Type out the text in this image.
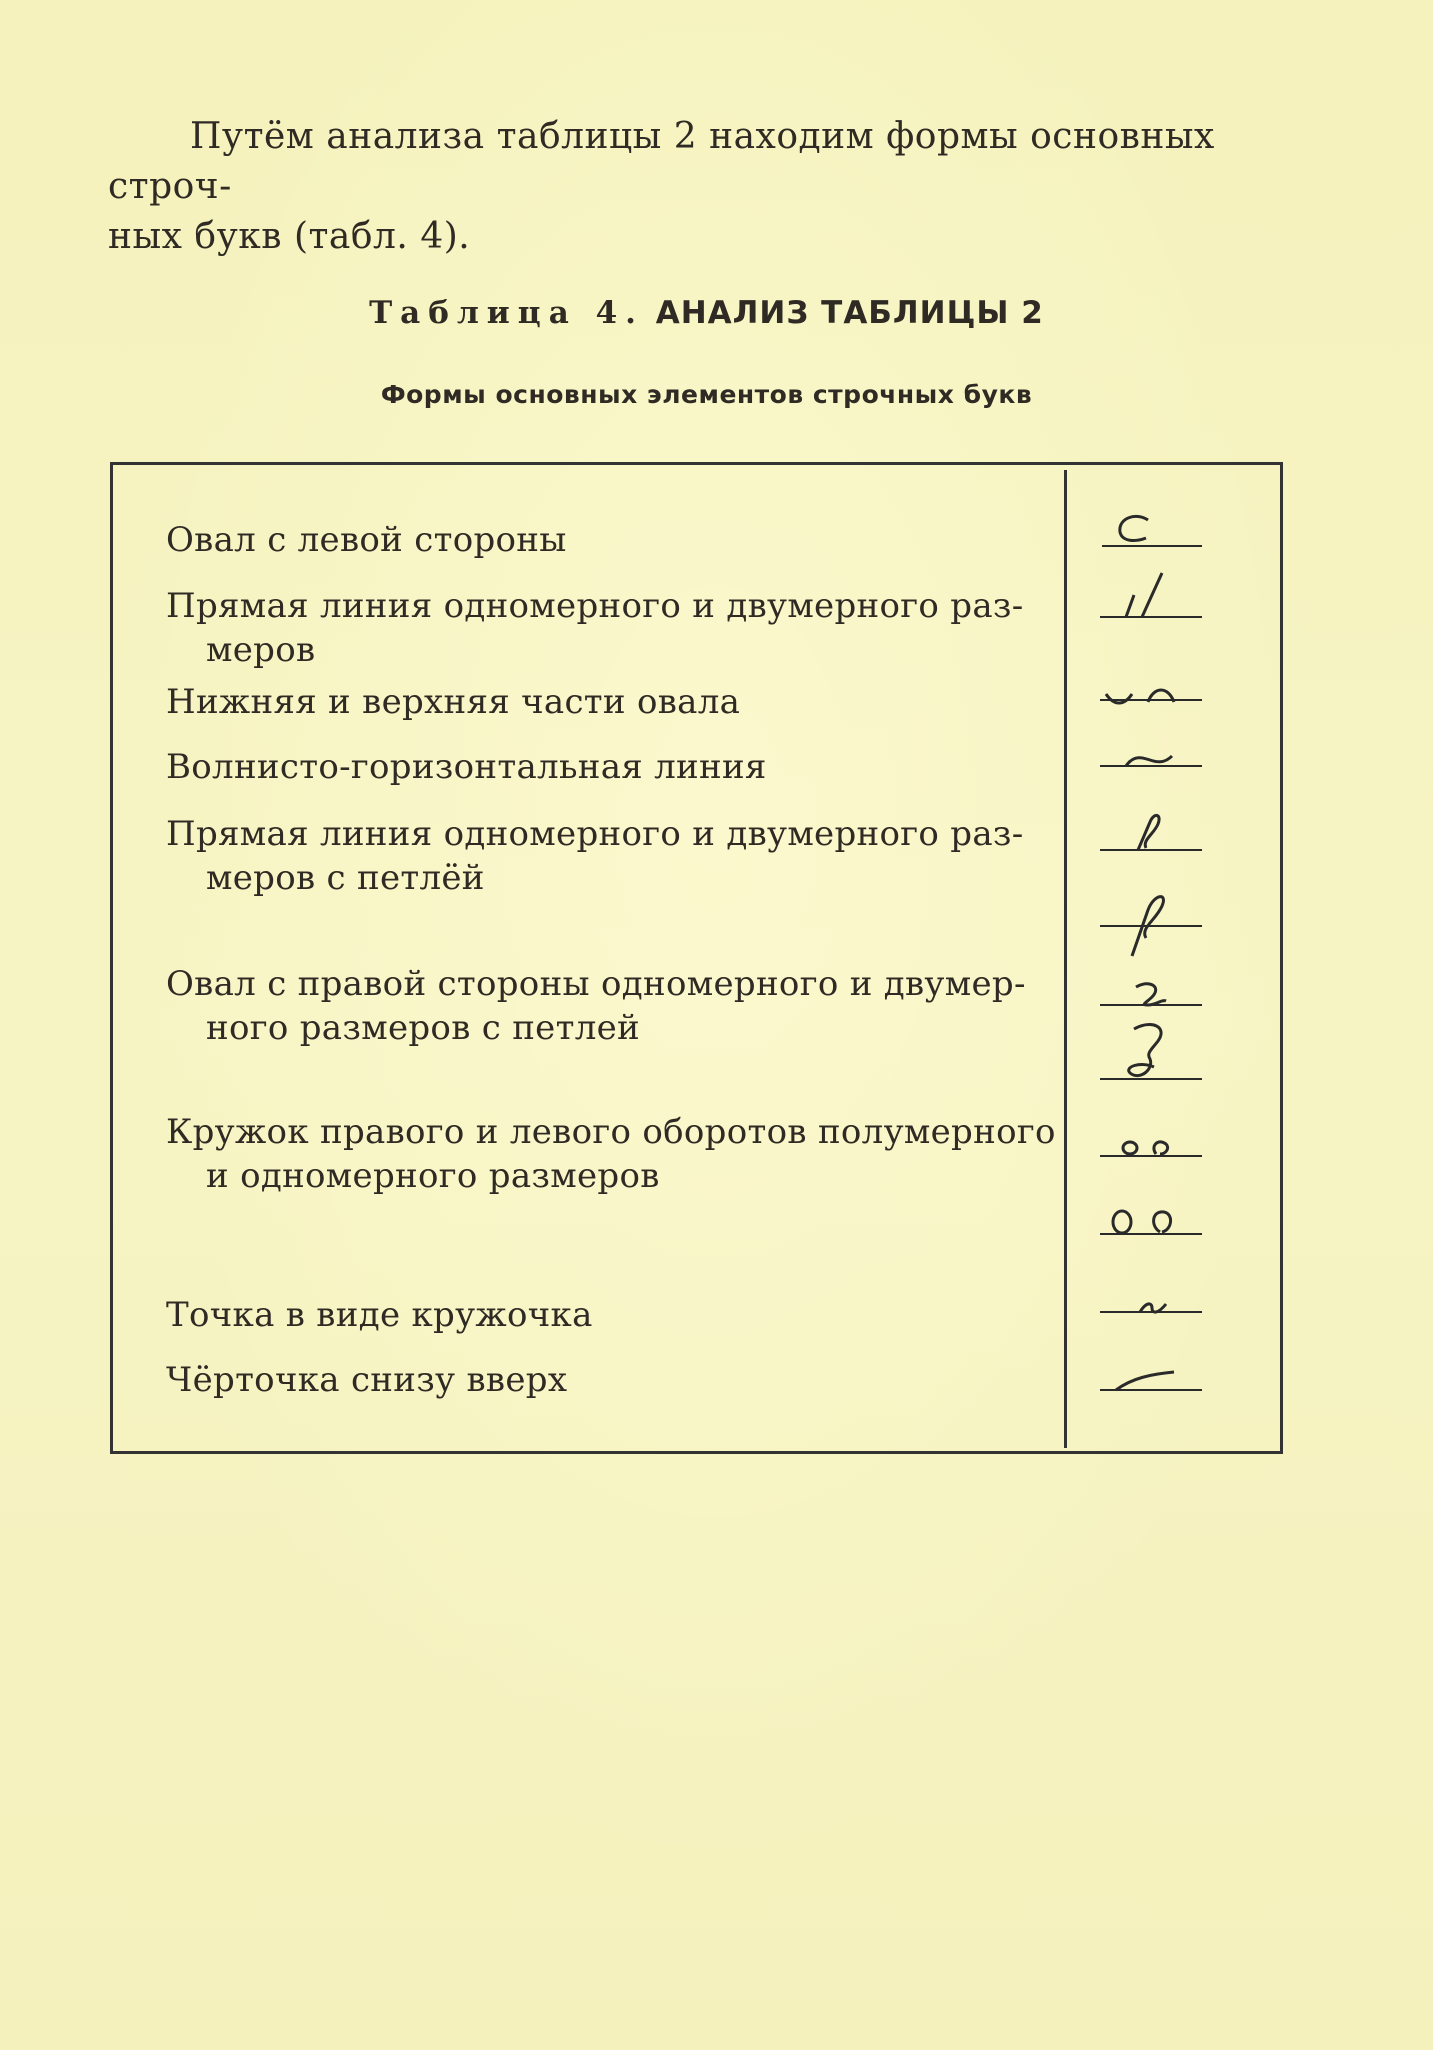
Путём анализа таблицы 2 находим формы основных строч-
ных букв (табл. 4).

Таблица 4. АНАЛИЗ ТАБЛИЦЫ 2
Формы основных элементов строчных букв

Овал с левой стороны

Прямая линия одномерного и двумерного раз-
меров

Нижняя и верхняя части овала

Волнисто-горизонтальная линия

Прямая линия одномерного и двумерного раз-
меров с петлёй

Овал с правой стороны одномерного и двумер-
ного размеров с петлей

Кружок правого и левого оборотов полумерного
и одномерного размеров

Точка в виде кружочка

Чёрточка снизу вверх
